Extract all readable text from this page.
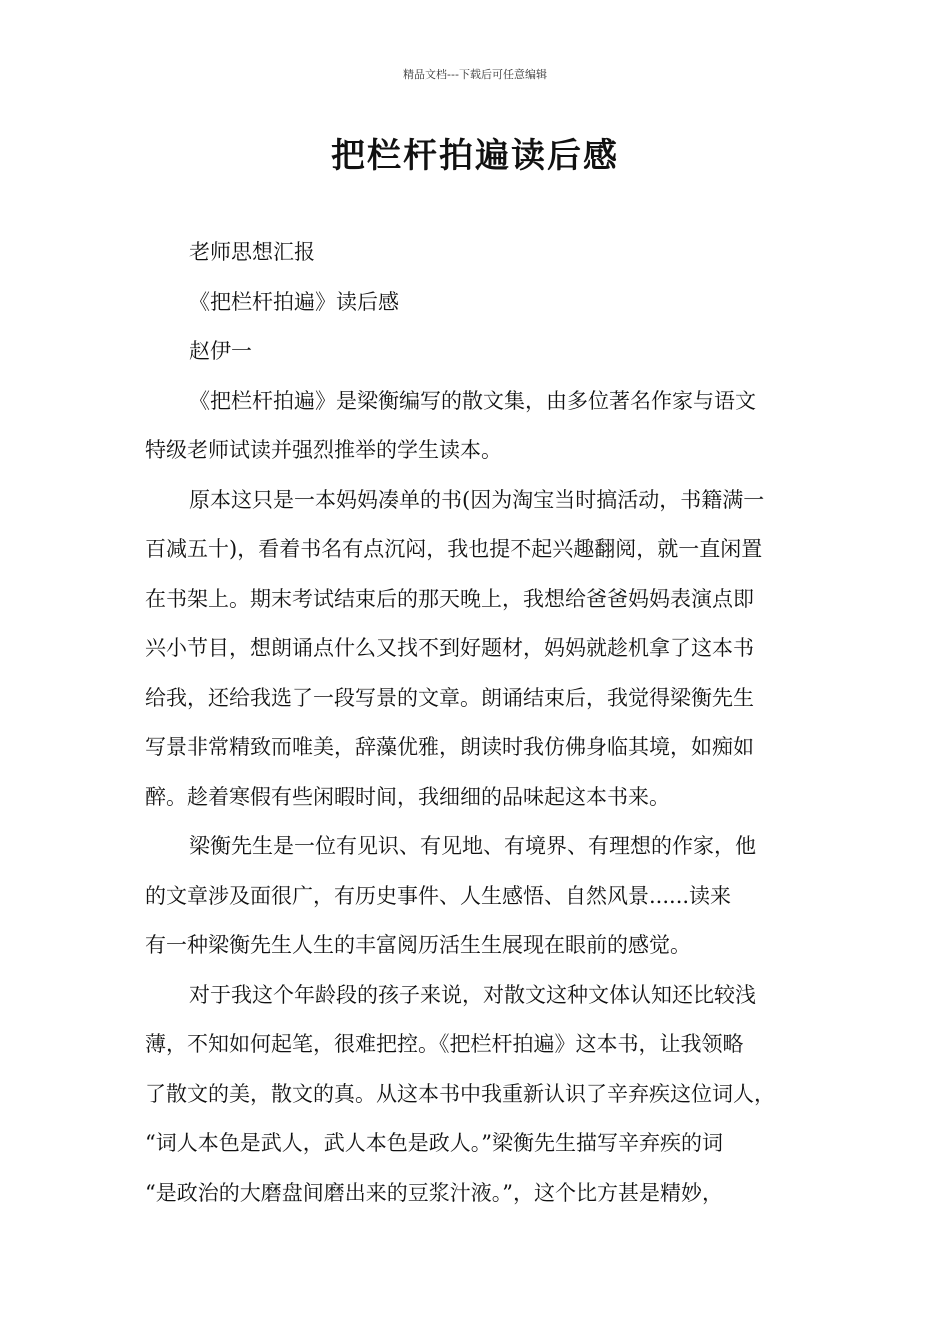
精品文档---下载后可任意编辑
把栏杆拍遍读后感
老师思想汇报
《把栏杆拍遍》读后感
赵伊一
《把栏杆拍遍》是梁衡编写的散文集，由多位著名作家与语文
特级老师试读并强烈推举的学生读本。
原本这只是一本妈妈凑单的书(因为淘宝当时搞活动，书籍满一
百减五十)，看着书名有点沉闷，我也提不起兴趣翻阅，就一直闲置
在书架上。期末考试结束后的那天晚上，我想给爸爸妈妈表演点即
兴小节目，想朗诵点什么又找不到好题材，妈妈就趁机拿了这本书
给我，还给我选了一段写景的文章。朗诵结束后，我觉得梁衡先生
写景非常精致而唯美，辞藻优雅，朗读时我仿佛身临其境，如痴如
醉。趁着寒假有些闲暇时间，我细细的品味起这本书来。
梁衡先生是一位有见识、有见地、有境界、有理想的作家，他
的文章涉及面很广，有历史事件、人生感悟、自然风景......读来
有一种梁衡先生人生的丰富阅历活生生展现在眼前的感觉。
对于我这个年龄段的孩子来说，对散文这种文体认知还比较浅
薄，不知如何起笔，很难把控。《把栏杆拍遍》这本书，让我领略
了散文的美，散文的真。从这本书中我重新认识了辛弃疾这位词人，
“词人本色是武人，武人本色是政人。”梁衡先生描写辛弃疾的词
“是政治的大磨盘间磨出来的豆浆汁液。”，这个比方甚是精妙，
